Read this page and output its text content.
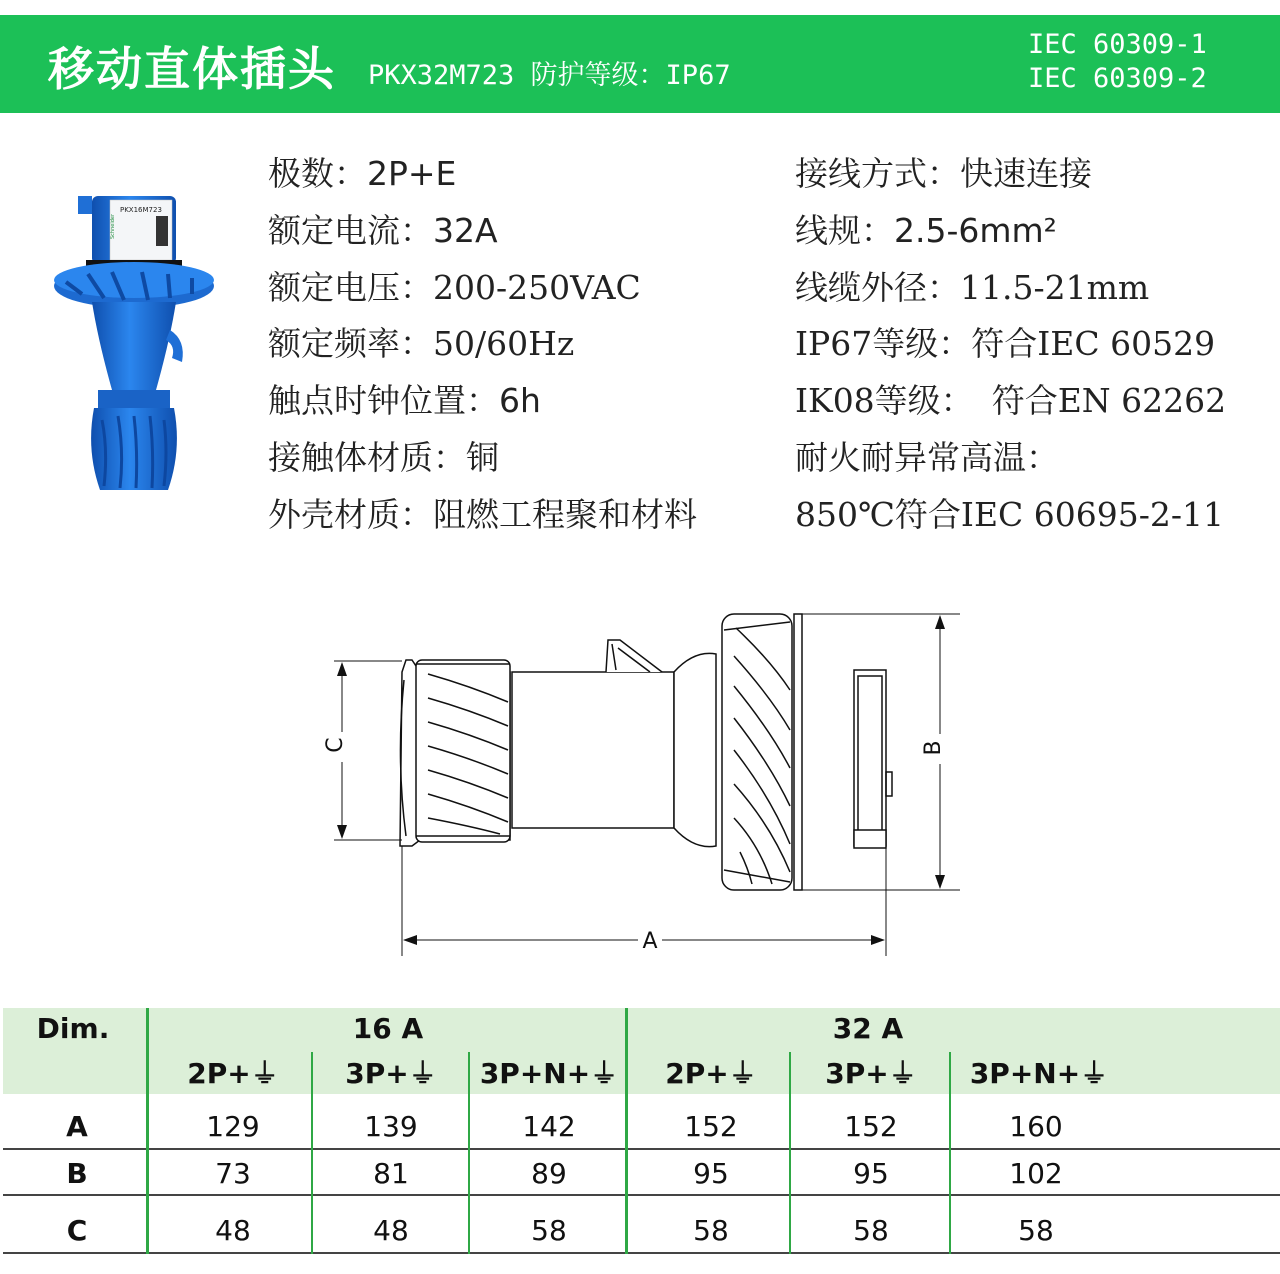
移动直体插头 PKX32M723 防护等级：IP67
IEC 60309-1
IEC 60309-2
PKX16M723
Schneider
极数：2P+E
额定电流：32A
额定电压：200-250VAC
额定频率：50/60Hz
触点时钟位置：6h
接触体材质：铜
外壳材质：阻燃工程聚和材料
接线方式：快速连接
线规：2.5-6mm²
线缆外径：11.5-21mm
IP67等级：符合IEC 60529
IK08等级： 符合EN 62262
耐火耐异常高温：
850℃符合IEC 60695-2-11
C	B
A
Dim.	16 A	32 A
2P+⏚	3P+⏚	3P+N+⏚	2P+⏚	3P+⏚	3P+N+⏚
A	129	139	142	152	152	160
B	73	81	89	95	95	102
C	48	48	58	58	58	58
